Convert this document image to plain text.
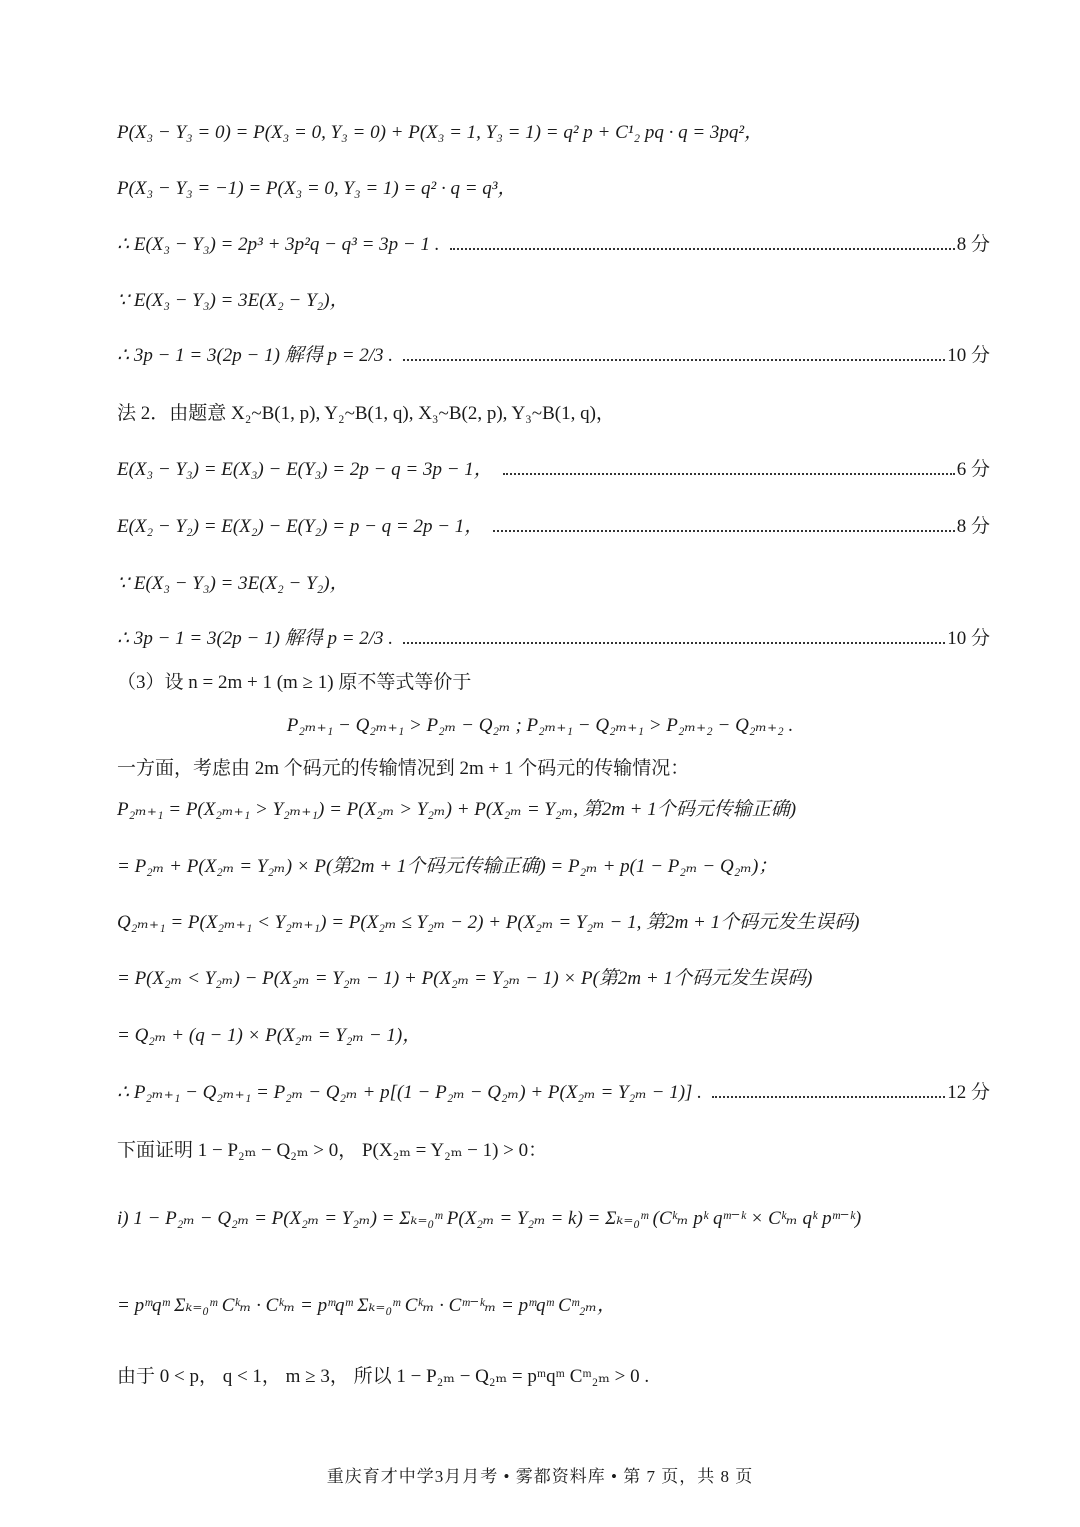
P(X₃ − Y₃ = 0) = P(X₃ = 0, Y₃ = 0) + P(X₃ = 1, Y₃ = 1) = q² p + C¹₂ pq · q = 3pq²，
P(X₃ − Y₃ = −1) = P(X₃ = 0, Y₃ = 1) = q² · q = q³，
∴ E(X₃ − Y₃) = 2p³ + 3p²q − q³ = 3p − 1 .	8 分
∵ E(X₃ − Y₃) = 3E(X₂ − Y₂)，
∴ 3p − 1 = 3(2p − 1) 解得 p = 2/3 .	10 分
法 2．由题意 X₂~B(1, p), Y₂~B(1, q), X₃~B(2, p), Y₃~B(1, q)，
E(X₃ − Y₃) = E(X₃) − E(Y₃) = 2p − q = 3p − 1，	6 分
E(X₂ − Y₂) = E(X₂) − E(Y₂) = p − q = 2p − 1，	8 分
∵ E(X₃ − Y₃) = 3E(X₂ − Y₂)，
∴ 3p − 1 = 3(2p − 1) 解得 p = 2/3 .	10 分
（3）设 n = 2m + 1 (m ≥ 1) 原不等式等价于
P₂ₘ₊₁ − Q₂ₘ₊₁ > P₂ₘ − Q₂ₘ ; P₂ₘ₊₁ − Q₂ₘ₊₁ > P₂ₘ₊₂ − Q₂ₘ₊₂ .
一方面，考虑由 2m 个码元的传输情况到 2m + 1 个码元的传输情况：
P₂ₘ₊₁ = P(X₂ₘ₊₁ > Y₂ₘ₊₁) = P(X₂ₘ > Y₂ₘ) + P(X₂ₘ = Y₂ₘ, 第2m + 1个码元传输正确)
= P₂ₘ + P(X₂ₘ = Y₂ₘ) × P(第2m + 1个码元传输正确) = P₂ₘ + p(1 − P₂ₘ − Q₂ₘ)；
Q₂ₘ₊₁ = P(X₂ₘ₊₁ < Y₂ₘ₊₁) = P(X₂ₘ ≤ Y₂ₘ − 2) + P(X₂ₘ = Y₂ₘ − 1, 第2m + 1个码元发生误码)
= P(X₂ₘ < Y₂ₘ) − P(X₂ₘ = Y₂ₘ − 1) + P(X₂ₘ = Y₂ₘ − 1) × P(第2m + 1个码元发生误码)
= Q₂ₘ + (q − 1) × P(X₂ₘ = Y₂ₘ − 1)，
∴ P₂ₘ₊₁ − Q₂ₘ₊₁ = P₂ₘ − Q₂ₘ + p[(1 − P₂ₘ − Q₂ₘ) + P(X₂ₘ = Y₂ₘ − 1)] .	12 分
下面证明 1 − P₂ₘ − Q₂ₘ > 0， P(X₂ₘ = Y₂ₘ − 1) > 0：
i) 1 − P₂ₘ − Q₂ₘ = P(X₂ₘ = Y₂ₘ) = Σₖ₌₀ᵐ P(X₂ₘ = Y₂ₘ = k) = Σₖ₌₀ᵐ (Cᵏₘ pᵏ qᵐ⁻ᵏ × Cᵏₘ qᵏ pᵐ⁻ᵏ)
= pᵐqᵐ Σₖ₌₀ᵐ Cᵏₘ · Cᵏₘ = pᵐqᵐ Σₖ₌₀ᵐ Cᵏₘ · Cᵐ⁻ᵏₘ = pᵐqᵐ Cᵐ₂ₘ，
由于 0 < p， q < 1， m ≥ 3， 所以 1 − P₂ₘ − Q₂ₘ = pᵐqᵐ Cᵐ₂ₘ > 0 .
重庆育才中学3月月考 • 雾都资料库 • 第 7 页，共 8 页
